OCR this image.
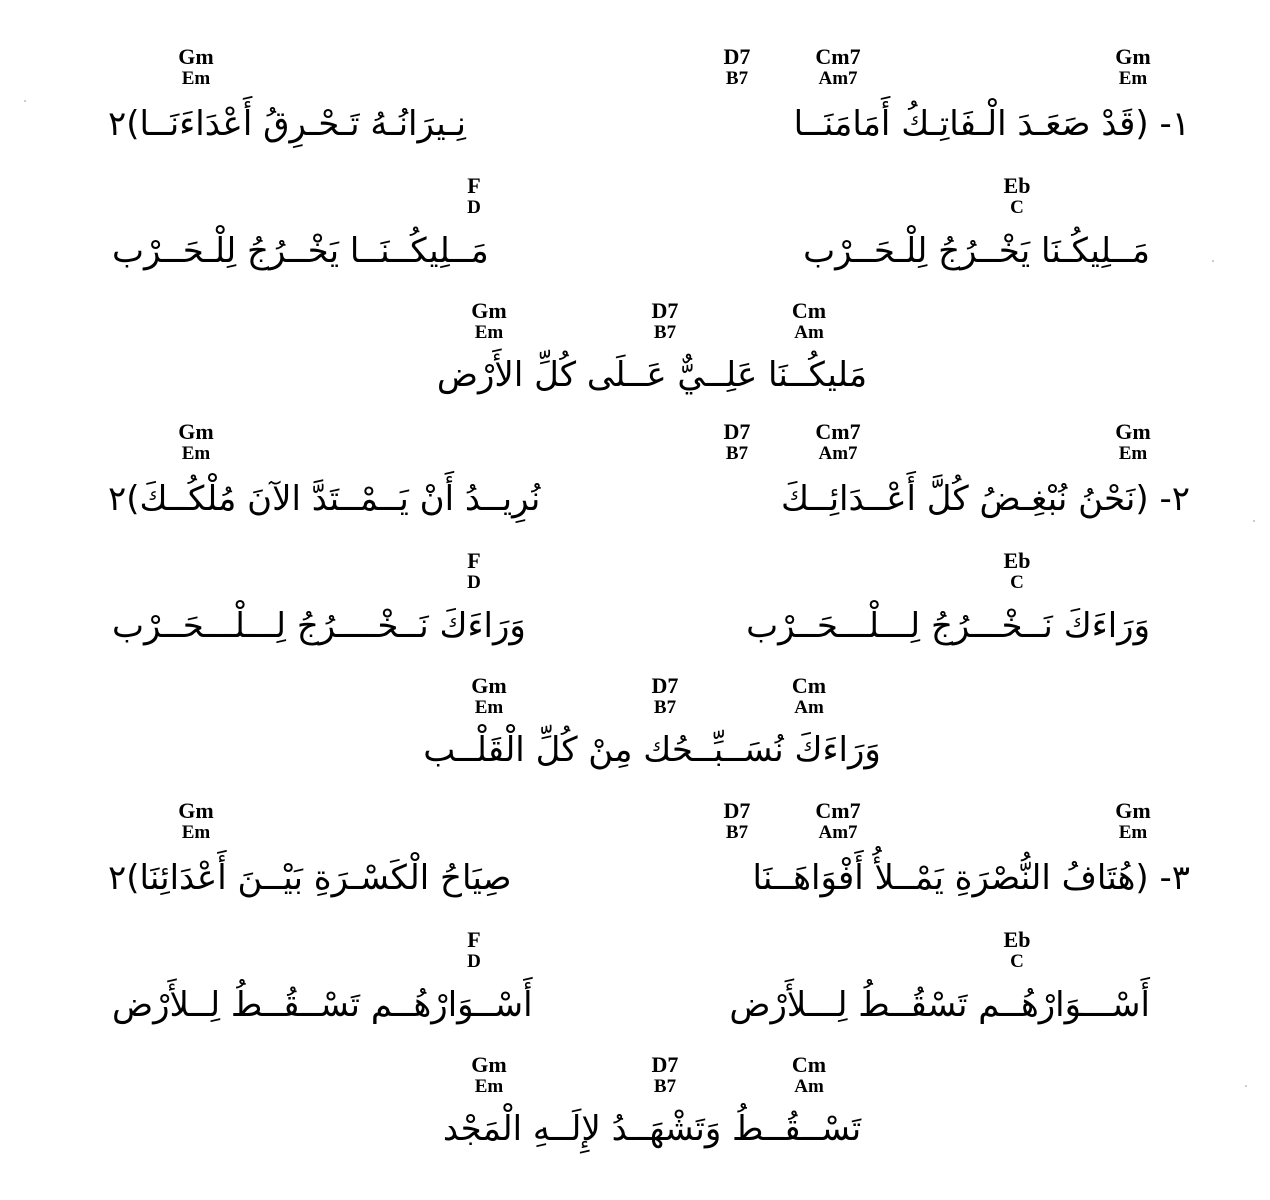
Gm
Em
D7
B7
Cm7
Am7
Gm
Em
١- (قَدْ صَعَـدَ الْـفَاتِـكُ أَمَامَنَــا
نِـيرَانُـهُ تَـحْـرِقُ أَعْدَاءَنَــا)٢
Eb
C
F
D
مَــلِيكُـنَا يَخْــرُجُ لِلْـحَــرْب
مَــلِيكُــنَــا يَخْــرُجُ لِلْـحَــرْب
Gm
Em
D7
B7
Cm
Am
مَليكُــنَا عَلِــيٌّ عَــلَى كُلِّ الأَرْض
Gm
Em
D7
B7
Cm7
Am7
Gm
Em
٢- (نَحْنُ نُبْغِـضُ كُلَّ أَعْــدَائِــكَ
نُرِيــدُ أَنْ يَــمْــتَدَّ الآنَ مُلْكُــكَ)٢
Eb
C
F
D
وَرَاءَكَ نَــخْـــرُجُ لِـــلْـــحَــرْب
وَرَاءَكَ نَــخْــــرُجُ لِـــلْـــحَــرْب
Gm
Em
D7
B7
Cm
Am
وَرَاءَكَ نُسَــبِّــحُك مِنْ كُلِّ الْقَلْــب
Gm
Em
D7
B7
Cm7
Am7
Gm
Em
٣- (هُتَافُ النُّصْرَةِ يَمْــلأُ أَفْوَاهَــنَا
صِيَاحُ الْكَسْـرَةِ بَيْــنَ أَعْدَائِنَا)٢
Eb
C
F
D
أَسْـــوَارْهُــم تَسْقُــطُ لِـــلأَرْض
أَسْــوَارْهُــم تَسْــقُــطُ لِــلأَرْض
Gm
Em
D7
B7
Cm
Am
تَسْــقُــطُ وَتَشْهَــدُ لإِلَــهِ الْمَجْد
